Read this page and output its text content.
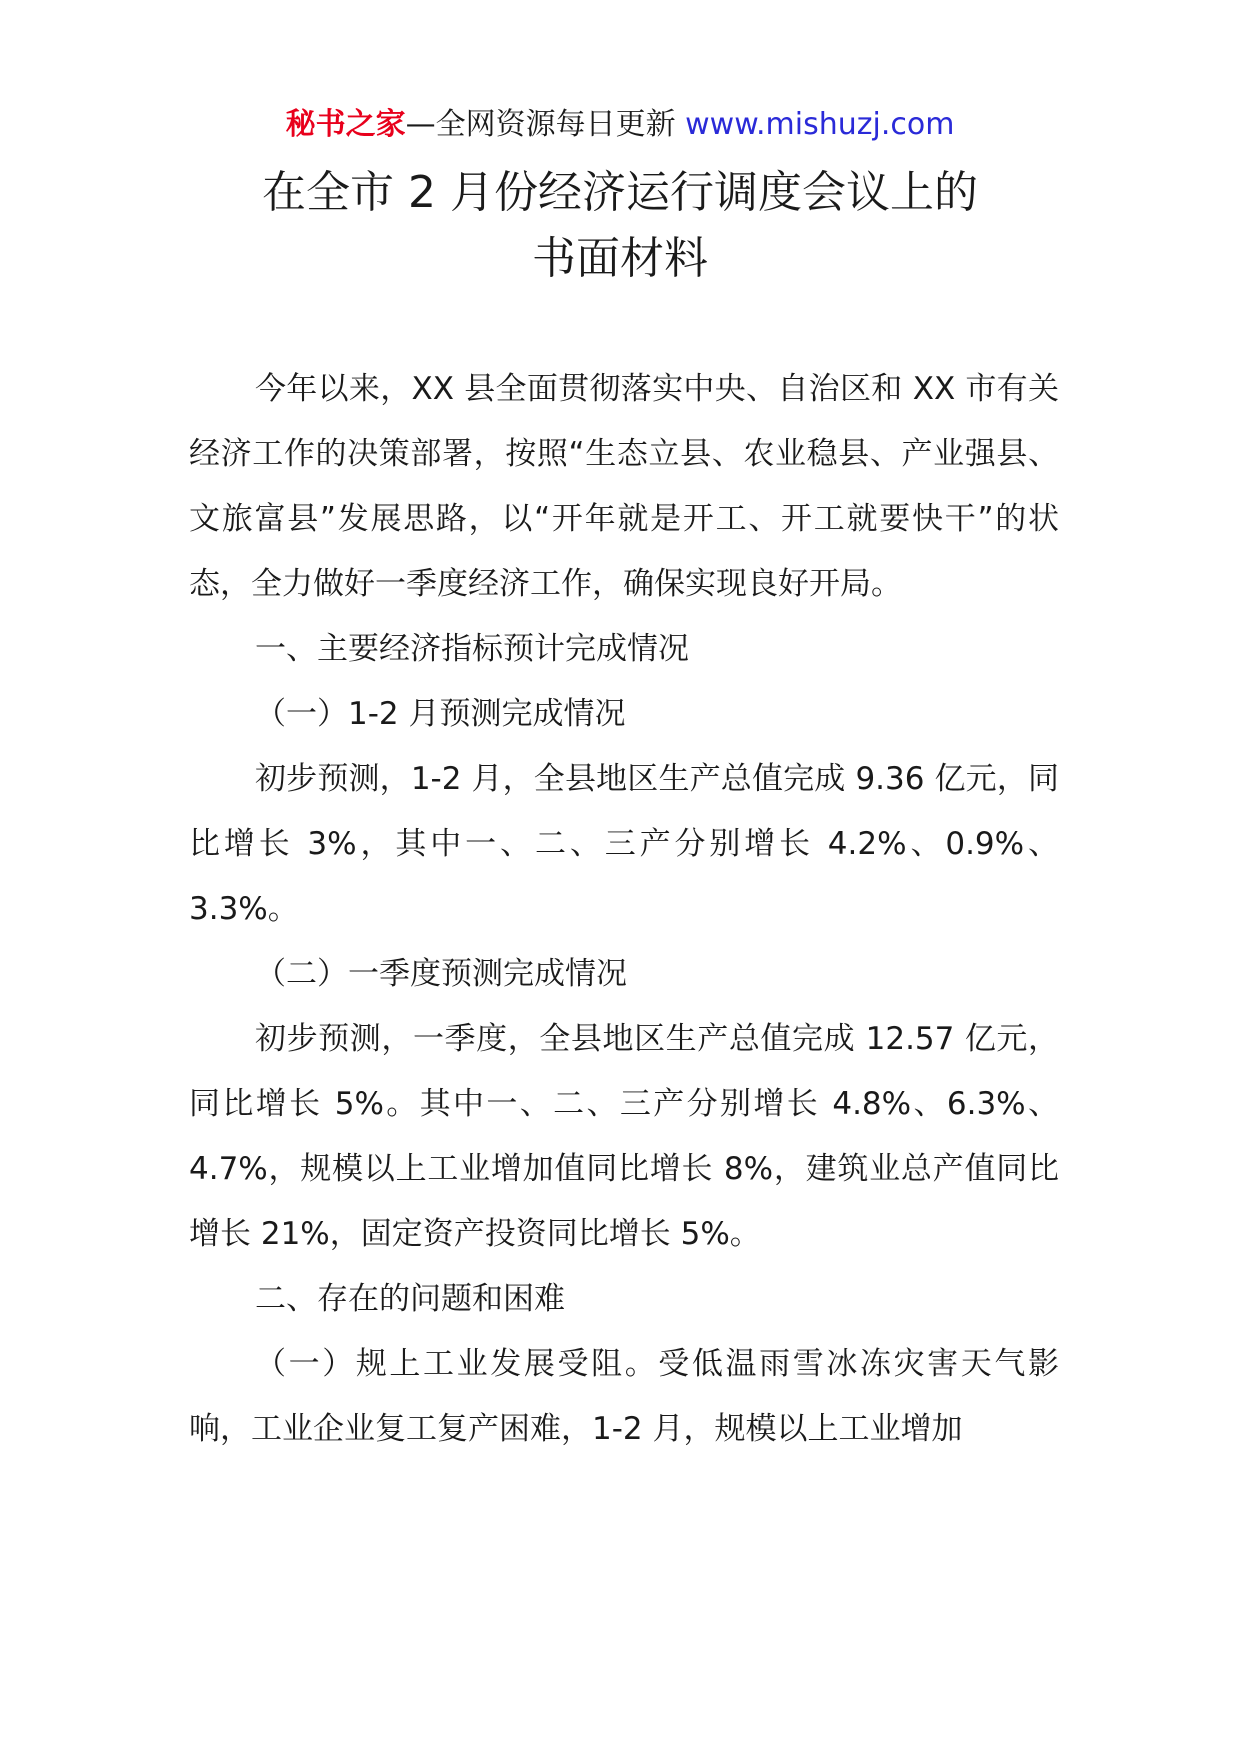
秘书之家—全网资源每日更新 www.mishuzj.com
在全市 2 月份经济运行调度会议上的
书面材料

今年以来，XX 县全面贯彻落实中央、自治区和 XX 市有关经济工作的决策部署，按照“生态立县、农业稳县、产业强县、文旅富县”发展思路，以“开年就是开工、开工就要快干”的状态，全力做好一季度经济工作，确保实现良好开局。

一、主要经济指标预计完成情况

（一）1-2 月预测完成情况

初步预测，1-2 月，全县地区生产总值完成 9.36 亿元，同比增长 3%，其中一、二、三产分别增长 4.2%、0.9%、3.3%。

（二）一季度预测完成情况

初步预测，一季度，全县地区生产总值完成 12.57 亿元，同比增长 5%。其中一、二、三产分别增长 4.8%、6.3%、4.7%，规模以上工业增加值同比增长 8%，建筑业总产值同比增长 21%，固定资产投资同比增长 5%。

二、存在的问题和困难

（一）规上工业发展受阻。受低温雨雪冰冻灾害天气影响，工业企业复工复产困难，1-2 月，规模以上工业增加
